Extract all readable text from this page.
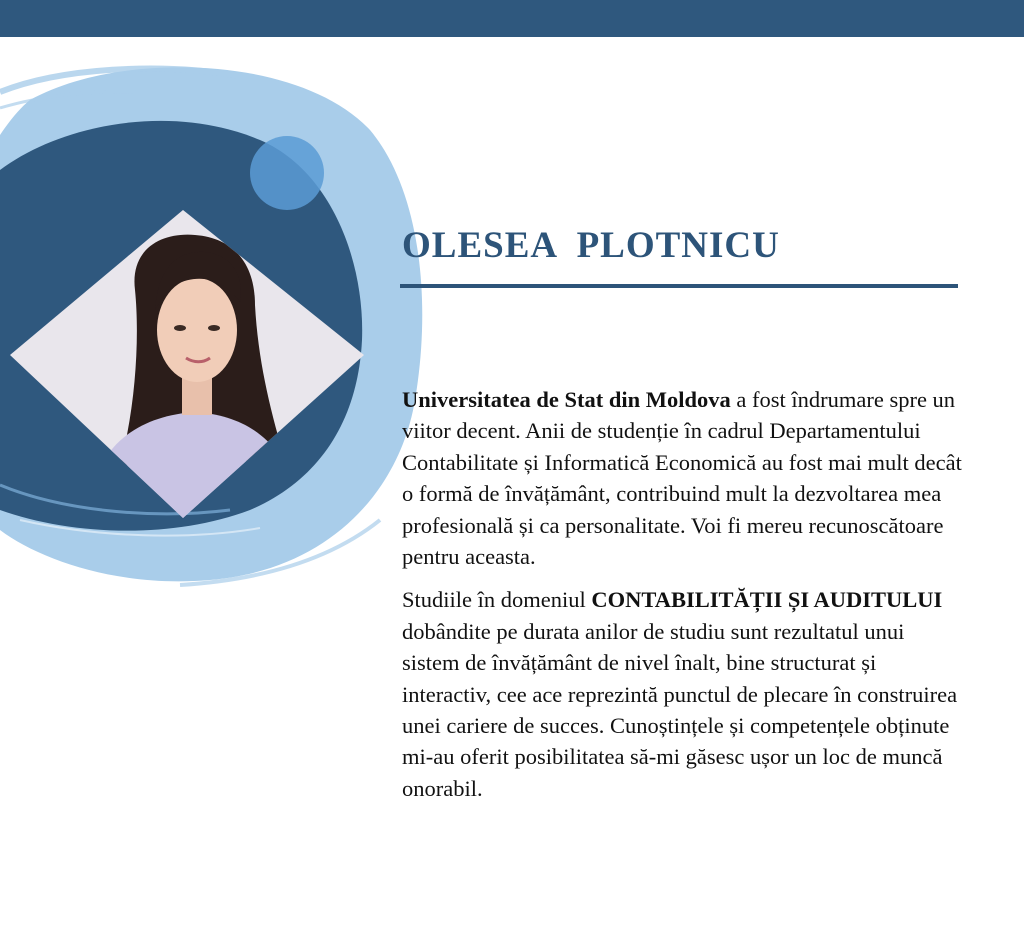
OLESEA  PLOTNICU

Universitatea de Stat din Moldova a fost îndrumare spre un viitor decent. Anii de studenție în cadrul Departamentului Contabilitate și Informatică Economică au fost mai mult decât o formă de învățământ, contribuind mult la dezvoltarea mea profesională și ca personalitate. Voi fi mereu recunoscătoare pentru aceasta.

Studiile în domeniul CONTABILITĂȚII ȘI AUDITULUI dobândite pe durata anilor de studiu sunt rezultatul unui sistem de învățământ de nivel înalt, bine structurat și interactiv, cee ace reprezintă punctul de plecare în construirea unei cariere de succes. Cunoștințele și competențele obținute mi-au oferit posibilitatea să-mi găsesc ușor un loc de muncă onorabil.
